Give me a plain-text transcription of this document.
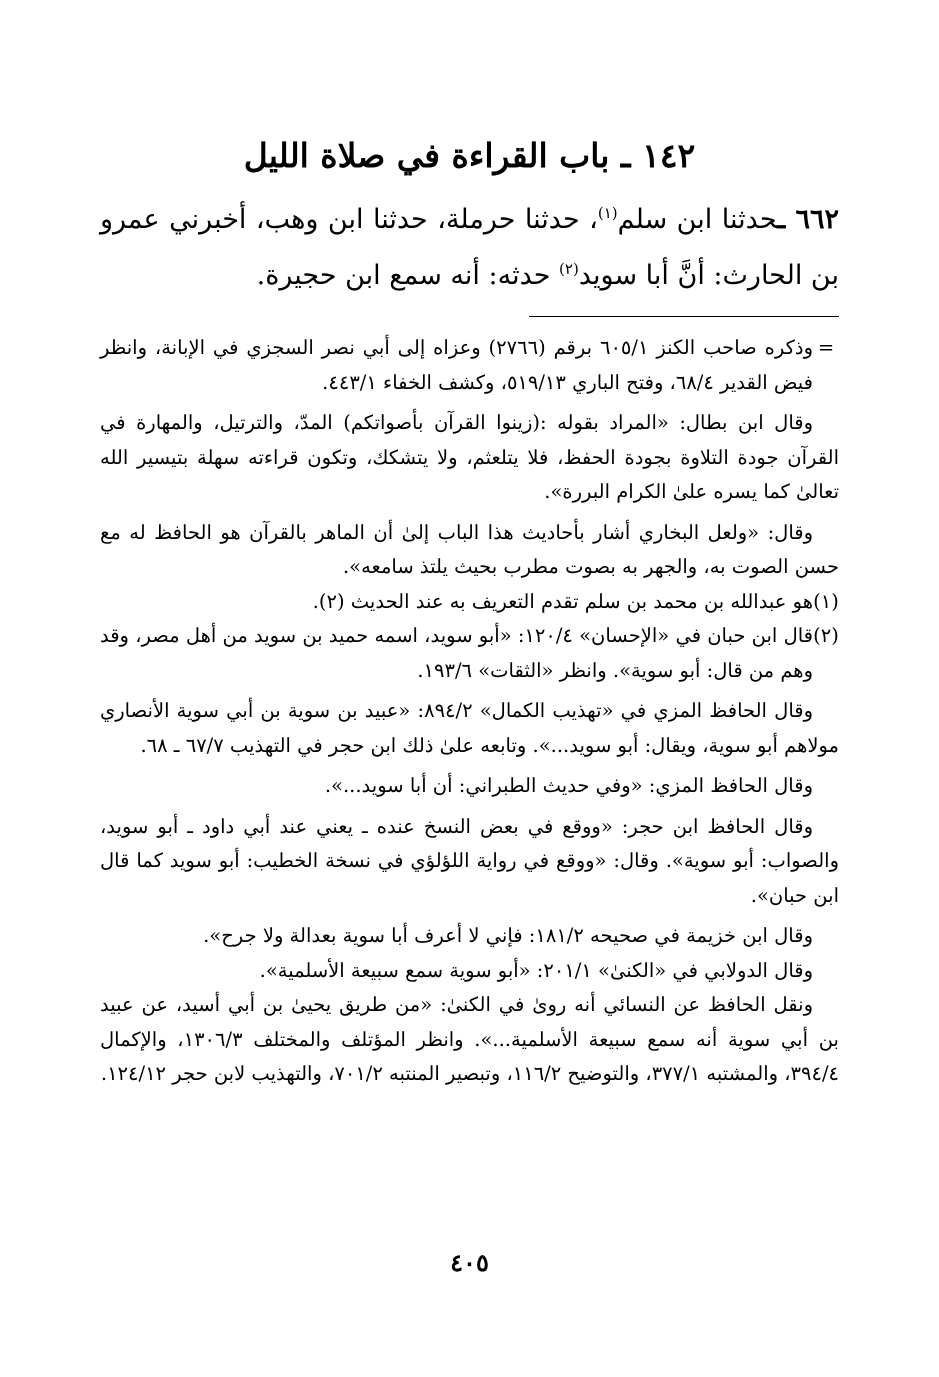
١٤٢ ـ باب القراءة في صلاة الليل

٦٦٢ ـحدثنا ابن سلم$^{(١)}$، حدثنا حرملة، حدثنا ابن وهب، أخبرني عمرو بن الحارث: أنَّ أبا سويد$^{(٢)}$ حدثه: أنه سمع ابن حجيرة.

=

وذكره صاحب الكنز ٦٠٥/١ برقم (٢٧٦٦) وعزاه إلى أبي نصر السجزي في الإبانة، وانظر فيض القدير ٦٨/٤، وفتح الباري ٥١٩/١٣، وكشف الخفاء ٤٤٣/١.

وقال ابن بطال: «المراد بقوله :(زينوا القرآن بأصواتكم) المدّ، والترتيل، والمهارة في القرآن جودة التلاوة بجودة الحفظ، فلا يتلعثم، ولا يتشكك، وتكون قراءته سهلة بتيسير الله تعالىٰ كما يسره علىٰ الكرام البررة».

وقال: «ولعل البخاري أشار بأحاديث هذا الباب إلىٰ أن الماهر بالقرآن هو الحافظ له مع حسن الصوت به، والجهر به بصوت مطرب بحيث يلتذ سامعه».

(١)

هو عبدالله بن محمد بن سلم تقدم التعريف به عند الحديث (٢).

(٢)

قال ابن حبان في «الإحسان» ١٢٠/٤: «أبو سويد، اسمه حميد بن سويد من أهل مصر، وقد وهم من قال: أبو سوية». وانظر «الثقات» ١٩٣/٦.

وقال الحافظ المزي في «تهذيب الكمال» ٨٩٤/٢: «عبيد بن سوية بن أبي سوية الأنصاري مولاهم أبو سوية، ويقال: أبو سويد...». وتابعه علىٰ ذلك ابن حجر في التهذيب ٦٧/٧ ـ ٦٨.

وقال الحافظ المزي: «وفي حديث الطبراني: أن أبا سويد...».

وقال الحافظ ابن حجر: «ووقع في بعض النسخ عنده ـ يعني عند أبي داود ـ أبو سويد، والصواب: أبو سوية». وقال: «ووقع في رواية اللؤلؤي في نسخة الخطيب: أبو سويد كما قال ابن حبان».

وقال ابن خزيمة في صحيحه ١٨١/٢: فإني لا أعرف أبا سوية بعدالة ولا جرح».

وقال الدولابي في «الكنىٰ» ٢٠١/١: «أبو سوية سمع سبيعة الأسلمية».

ونقل الحافظ عن النسائي أنه روىٰ في الكنىٰ: «من طريق يحيىٰ بن أبي أسيد، عن عبيد بن أبي سوية أنه سمع سبيعة الأسلمية...». وانظر المؤتلف والمختلف ١٣٠٦/٣، والإكمال ٣٩٤/٤، والمشتبه ٣٧٧/١، والتوضيح ١١٦/٢، وتبصير المنتبه ٧٠١/٢، والتهذيب لابن حجر ١٢٤/١٢.

٤٠٥
